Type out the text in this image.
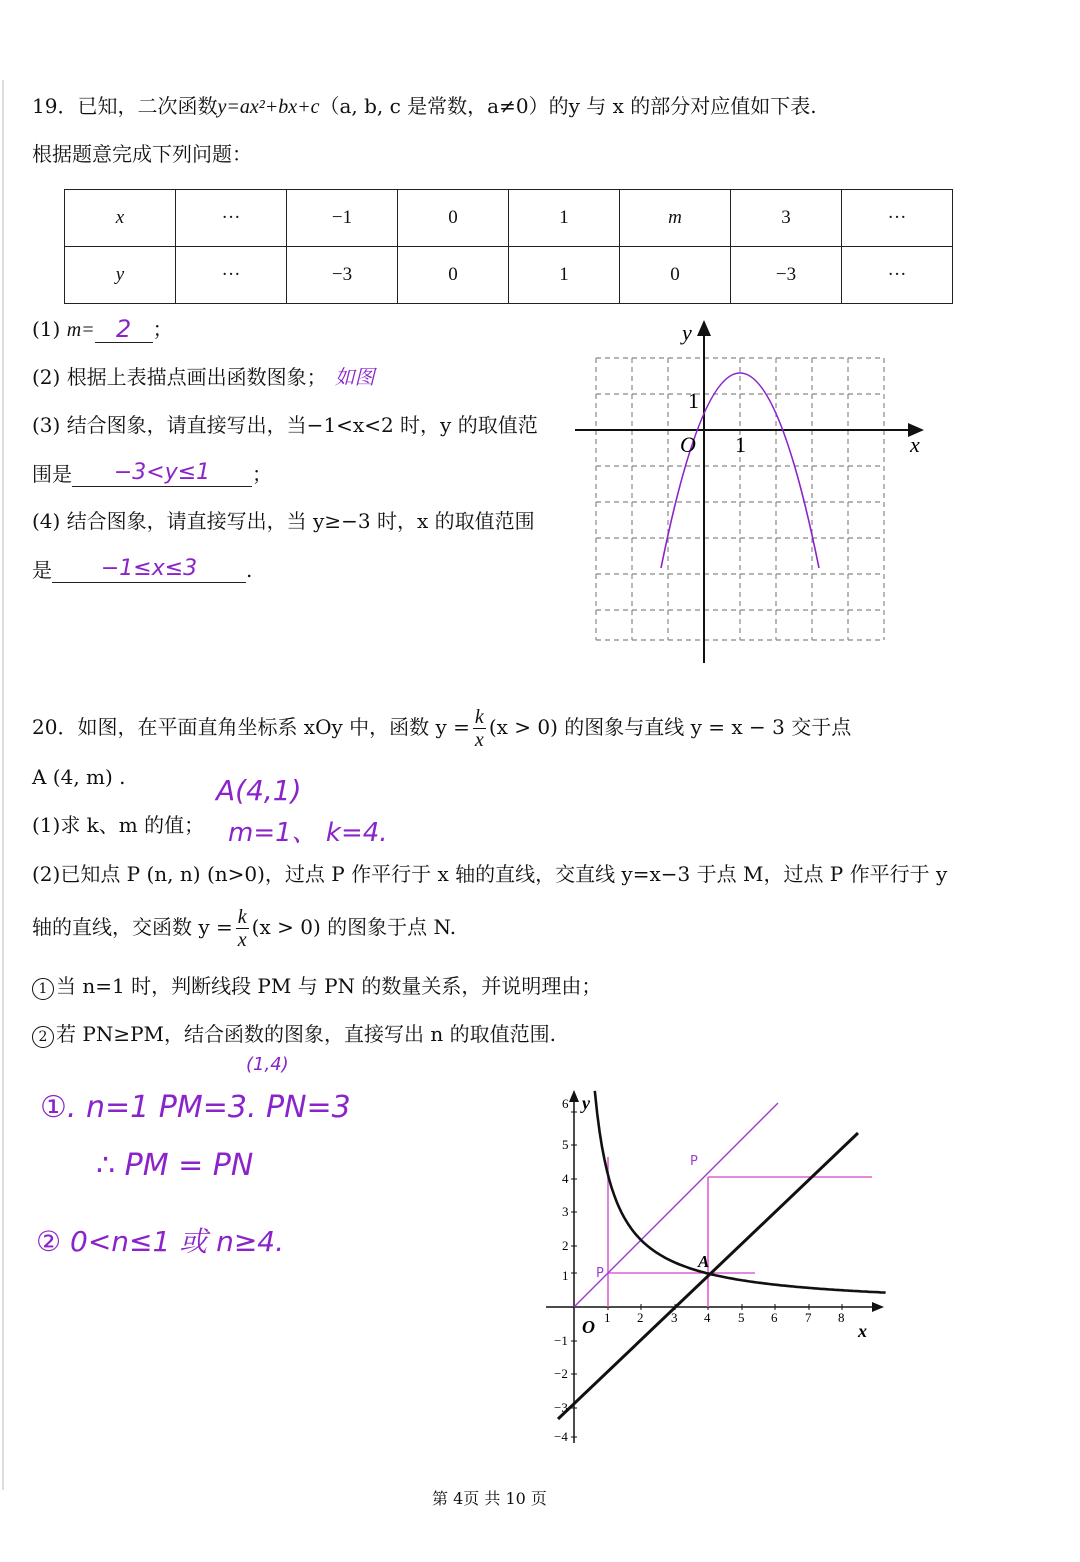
19．已知，二次函数y=ax²+bx+c（a, b, c 是常数，a≠0）的y 与 x 的部分对应值如下表.
根据题意完成下列问题：
x	···	−1	0	1	m	3	···
y	···	−3	0	1	0	−3	···
(1) m= 2 ；
(2) 根据上表描点画出函数图象； 如图
(3) 结合图象，请直接写出，当−1<x<2 时，y 的取值范
围是 −3<y≤1 ；
(4) 结合图象，请直接写出，当 y≥−3 时，x 的取值范围
是 −1≤x≤3 .
y
x
O 1
1
20．如图，在平面直角坐标系 xOy 中，函数 $y = \frac{k}{x} (x > 0)$ 的图象与直线 y = x − 3 交于点
A (4, m) .	A(4,1)
(1)求 k、m 的值； m=1、 k=4.
(2)已知点 P (n, n) (n>0)，过点 P 作平行于 x 轴的直线，交直线 y=x−3 于点 M，过点 P 作平行于 y
轴的直线，交函数 $y = \frac{k}{x} (x > 0)$ 的图象于点 N.
1 当 n=1 时，判断线段 PM 与 PN 的数量关系，并说明理由；
2 若 PN≥PM，结合函数的图象，直接写出 n 的取值范围.
(1,4)
①. n=1 PM=3. PN=3
∴ PM = PN
② 0<n≤1 或 n≥4.
6
5
4
3
2
1
−1
−2
−3
−4
1 2 3 4 5 6 7 8
y
x
O
A
P
P
第 4页 共 10 页
